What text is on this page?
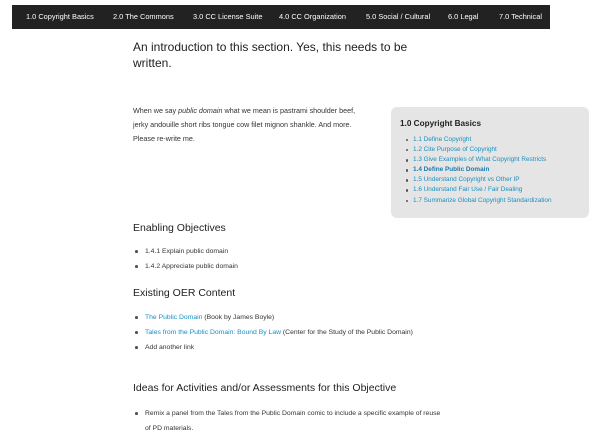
1.0 Copyright Basics	2.0 The Commons	3.0 CC License Suite 4.0 CC Organization	5.0 Social / Cultural 6.0 Legal	7.0 Technical
An introduction to this section. Yes, this needs to be written.

When we say public domain what we mean is pastrami shoulder beef, jerky andouille short ribs tongue cow filet mignon shankle. And more. Please re-write me.

1.0 Copyright Basics
1.1 Define Copyright
1.2 Cite Purpose of Copyright
1.3 Give Examples of What Copyright Restricts
1.4 Define Public Domain
1.5 Understand Copyright vs Other IP
1.6 Understand Fair Use / Fair Dealing
1.7 Summarize Global Copyright Standardization
Enabling Objectives
1.4.1 Explain public domain
1.4.2 Appreciate public domain
Existing OER Content
The Public Domain (Book by James Boyle)
Tales from the Public Domain: Bound By Law (Center for the Study of the Public Domain)
Add another link
Ideas for Activities and/or Assessments for this Objective
Remix a panel from the Tales from the Public Domain comic to include a specific example of reuse of PD materials.
